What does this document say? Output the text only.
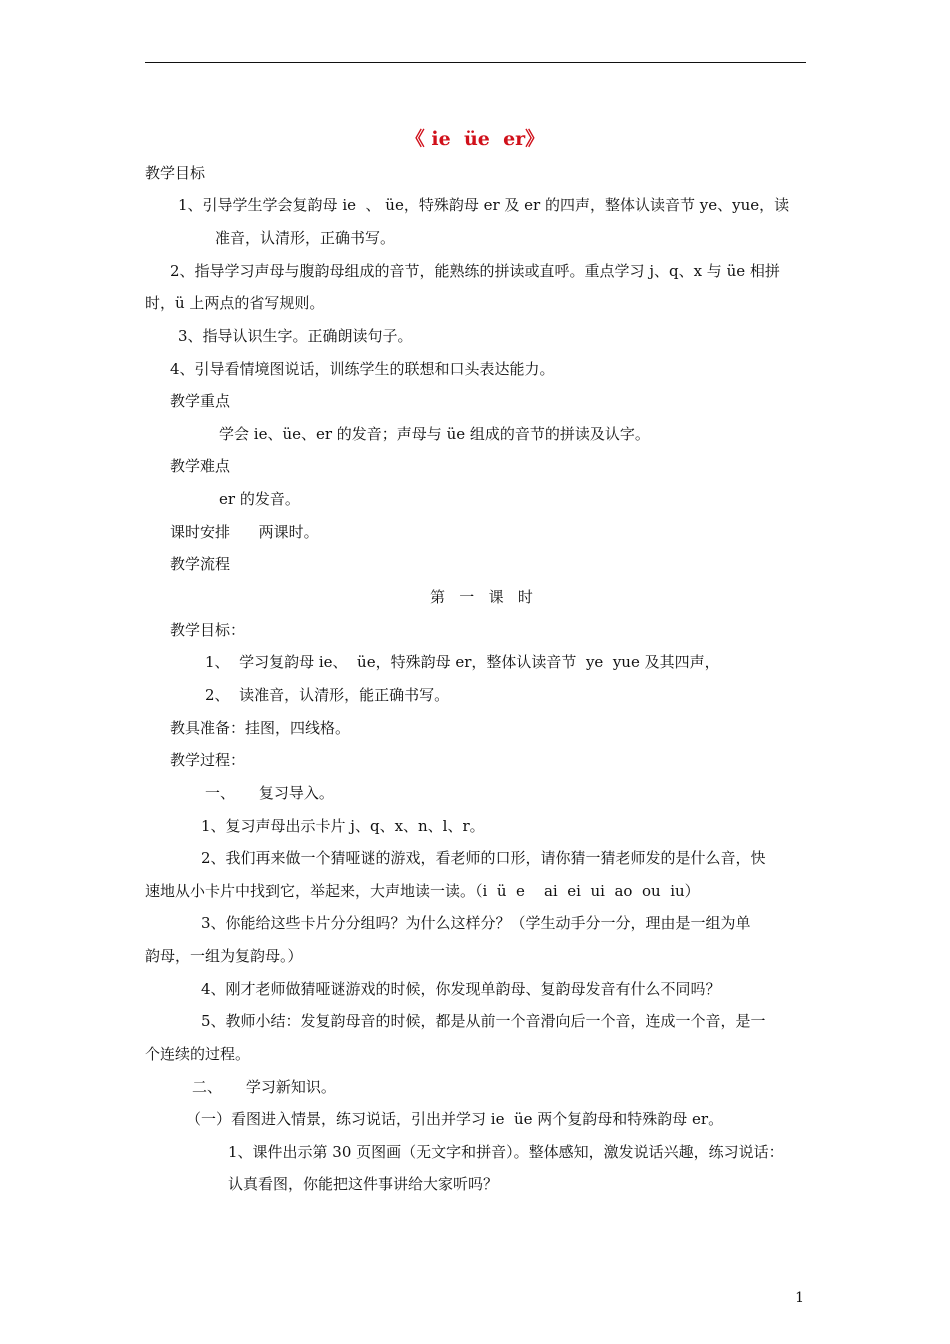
《 ie  üe  er》
教学目标
1、引导学生学会复韵母 ie  、 üe，特殊韵母 er 及 er 的四声，整体认读音节 ye、yue，读
准音，认清形，正确书写。
2、指导学习声母与腹韵母组成的音节，能熟练的拼读或直呼。重点学习 j、q、x 与 üe 相拼
时，ü 上两点的省写规则。
3、指导认识生字。正确朗读句子。
4、引导看情境图说话，训练学生的联想和口头表达能力。
教学重点
学会 ie、üe、er 的发音；声母与 üe 组成的音节的拼读及认字。
教学难点
er 的发音。
课时安排      两课时。
教学流程
第   一   课   时
教学目标：
1、  学习复韵母 ie、  üe，特殊韵母 er，整体认读音节  ye  yue 及其四声，
2、  读准音，认清形，能正确书写。
教具准备：挂图，四线格。
教学过程：
一、     复习导入。
1、复习声母出示卡片 j、q、x、n、l、r。
2、我们再来做一个猜哑谜的游戏，看老师的口形，请你猜一猜老师发的是什么音，快
速地从小卡片中找到它，举起来，大声地读一读。（i  ü  e    ai  ei  ui  ao  ou  iu）
3、你能给这些卡片分分组吗？为什么这样分？（学生动手分一分，理由是一组为单
韵母，一组为复韵母。）
4、刚才老师做猜哑谜游戏的时候，你发现单韵母、复韵母发音有什么不同吗？
5、教师小结：发复韵母音的时候，都是从前一个音滑向后一个音，连成一个音，是一
个连续的过程。
二、     学习新知识。
（一）看图进入情景，练习说话，引出并学习 ie  üe 两个复韵母和特殊韵母 er。
1、课件出示第 30 页图画（无文字和拼音）。整体感知，激发说话兴趣，练习说话：
认真看图，你能把这件事讲给大家听吗？
1
